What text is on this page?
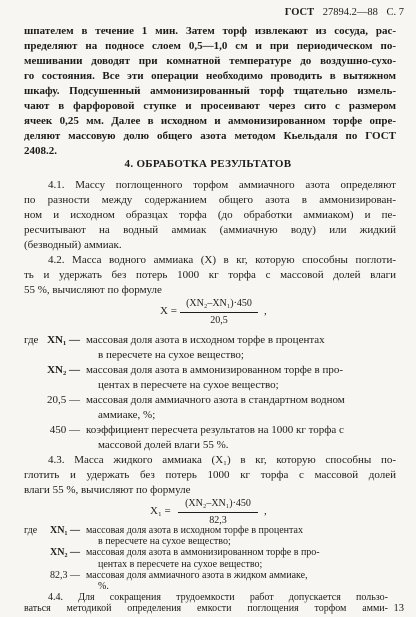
ГОСТ 27894.2—88 С. 7
шпателем в течение 1 мин. Затем торф извлекают из сосуда, рас-
пределяют на подносе слоем 0,5—1,0 см и при периодическом по-
мешивании доводят при комнатной температуре до воздушно-сухо-
го состояния. Все эти операции необходимо проводить в вытяжном
шкафу. Подсушенный аммонизированный торф тщательно измель-
чают в фарфоровой ступке и просеивают через сито с размером
ячеек 0,25 мм. Далее в исходном и аммонизированном торфе опре-
деляют массовую долю общего азота методом Кьельдаля по ГОСТ
2408.2.
4. ОБРАБОТКА РЕЗУЛЬТАТОВ
4.1. Массу поглощенного торфом аммиачного азота определяют
по разности между содержанием общего азота в аммонизирован-
ном и исходном образцах торфа (до обработки аммиаком) и пе-
ресчитывают на водный аммиак (аммиачную воду) или жидкий
(безводный) аммиак.
4.2. Масса водного аммиака (X) в кг, которую способны поглоти-
ть и удержать без потерь 1000 кг торфа с массовой долей влаги
55 %, вычисляют по формуле
X =
(XN₂–XN₁)·450
20,5
,
где XN₁ — массовая доля азота в исходном торфе в процентах
в пересчете на сухое вещество;
XN₂ — массовая доля азота в аммонизированном торфе в про-
центах в пересчете на сухое вещество;
20,5 — массовая доля аммиачного азота в стандартном водном
аммиаке, %;
450 — коэффициент пересчета результатов на 1000 кг торфа с
массовой долей влаги 55 %.
4.3. Масса жидкого аммиака (X₁) в кг, которую способны по-
глотить и удержать без потерь 1000 кг торфа с массовой долей
влаги 55 %, вычисляют по формуле
X₁ =
(XN₂–XN₁)·450
82,3
,
13
где	XN₁ — массовая доля азота в исходном торфе в процентах
в пересчете на сухое вещество;
XN₂ — массовая доля азота в аммонизированном торфе в про-
центах в пересчете на сухое вещество;
82,3 — массовая доля аммиачного азота в жидком аммиаке,
%.
4.4. Для сокращения трудоемкости работ допускается пользо-
ваться методикой определения емкости поглощения торфом амми-
